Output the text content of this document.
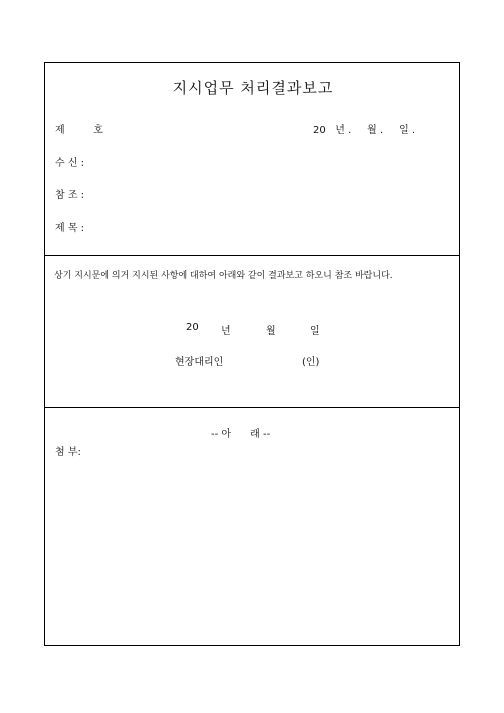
지시업무 처리결과보고
제         호	20   년 .     월 .     일 .
수 신 :
참 조 :
제 목 :
상기 지시문에 의거 지시된 사항에 대하여 아래와 같이 결과보고 하오니 참조 바랍니다.
20 년	월	일
현장대리인	(인)
-- 아      래 --
첨 부:
